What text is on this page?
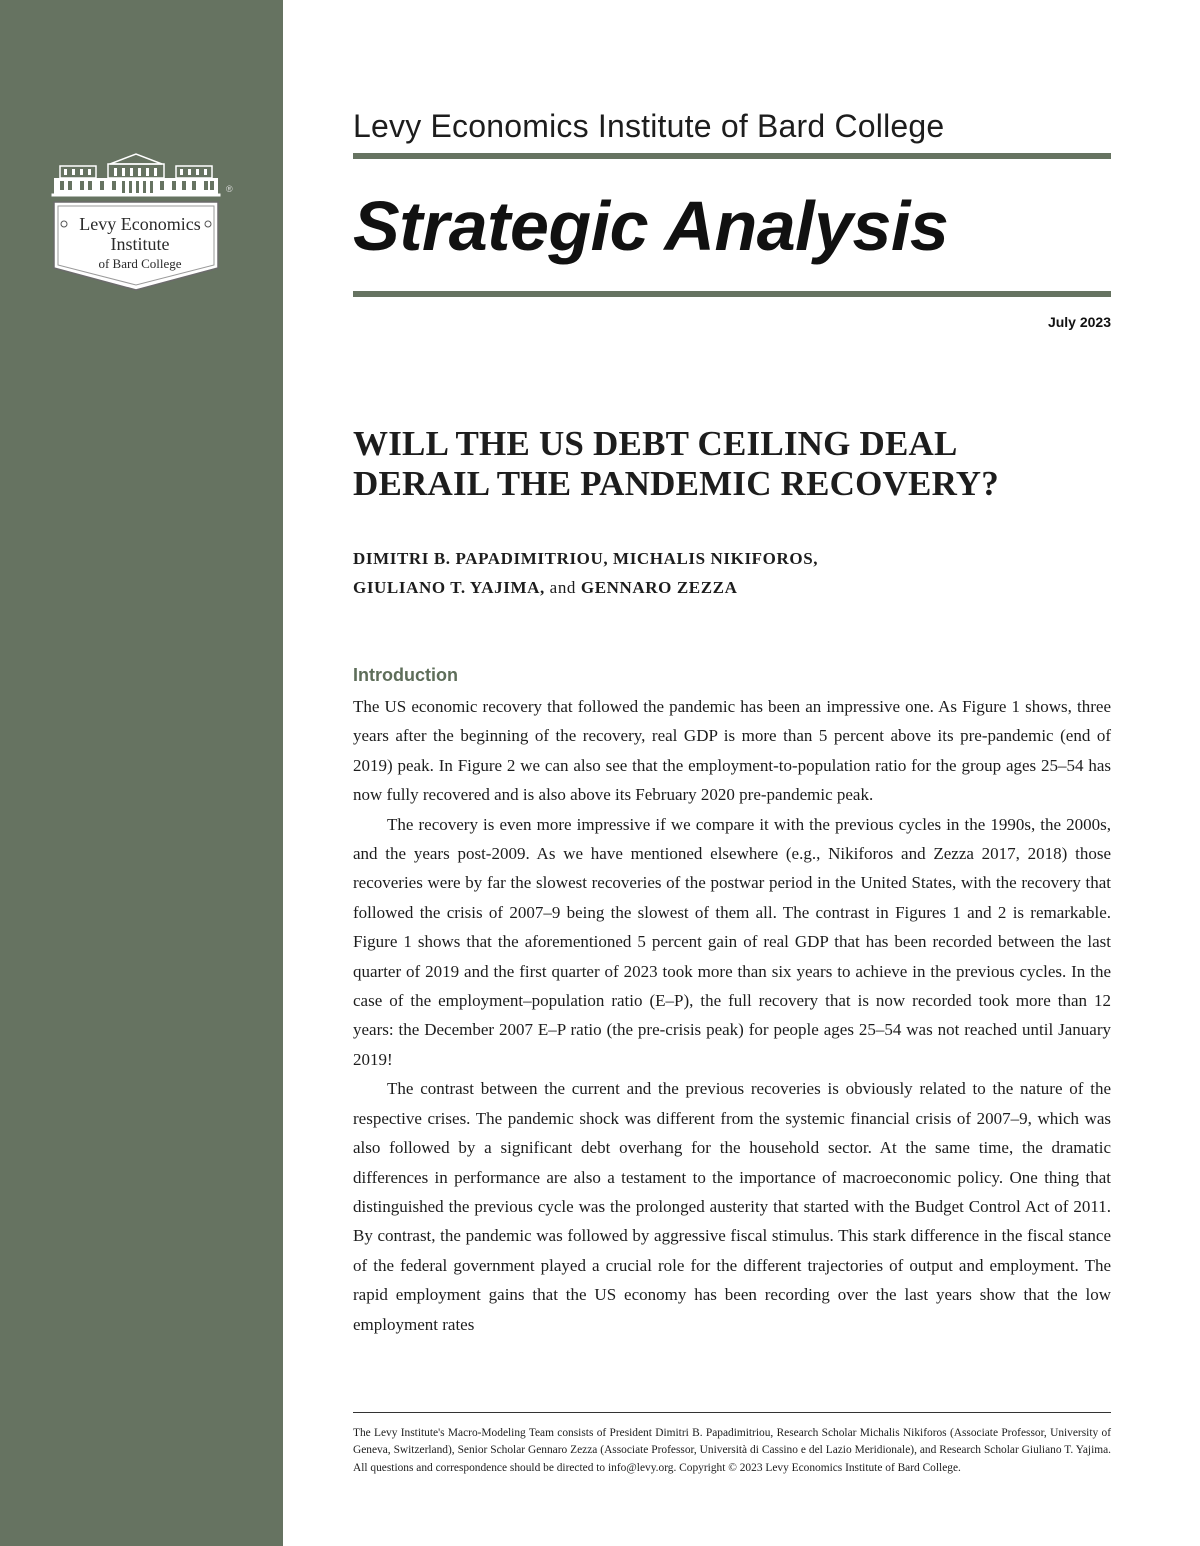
Levy Economics
Institute
of Bard College
®
Levy Economics Institute of Bard College
Strategic Analysis
July 2023
WILL THE US DEBT CEILING DEAL
DERAIL THE PANDEMIC RECOVERY?
DIMITRI B. PAPADIMITRIOU, MICHALIS NIKIFOROS,
GIULIANO T. YAJIMA, and GENNARO ZEZZA
Introduction

The US economic recovery that followed the pandemic has been an impressive one. As Figure 1 shows, three years after the beginning of the recovery, real GDP is more than 5 percent above its pre-pandemic (end of 2019) peak. In Figure 2 we can also see that the employment-to-population ratio for the group ages 25–54 has now fully recovered and is also above its February 2020 pre-pandemic peak.

The recovery is even more impressive if we compare it with the previous cycles in the 1990s, the 2000s, and the years post-2009. As we have mentioned elsewhere (e.g., Nikiforos and Zezza 2017, 2018) those recoveries were by far the slowest recoveries of the postwar period in the United States, with the recovery that followed the crisis of 2007–9 being the slowest of them all. The contrast in Figures 1 and 2 is remarkable. Figure 1 shows that the aforementioned 5 percent gain of real GDP that has been recorded between the last quarter of 2019 and the first quarter of 2023 took more than six years to achieve in the previous cycles. In the case of the employment–population ratio (E–P), the full recovery that is now recorded took more than 12 years: the December 2007 E–P ratio (the pre-crisis peak) for people ages 25–54 was not reached until January 2019!

The contrast between the current and the previous recoveries is obviously related to the nature of the respective crises. The pandemic shock was different from the systemic financial crisis of 2007–9, which was also followed by a significant debt overhang for the household sector. At the same time, the dramatic differences in performance are also a testament to the importance of macroeconomic policy. One thing that distinguished the previous cycle was the prolonged austerity that started with the Budget Control Act of 2011. By contrast, the pandemic was followed by aggressive fiscal stimulus. This stark difference in the fiscal stance of the federal government played a crucial role for the different trajectories of output and employment. The rapid employment gains that the US economy has been recording over the last years show that the low employment rates

The Levy Institute's Macro-Modeling Team consists of President Dimitri B. Papadimitriou, Research Scholar Michalis Nikiforos (Associate Professor, University of Geneva, Switzerland), Senior Scholar Gennaro Zezza (Associate Professor, Università di Cassino e del Lazio Meridionale), and Research Scholar Giuliano T. Yajima. All questions and correspondence should be directed to info@levy.org. Copyright © 2023 Levy Economics Institute of Bard College.
